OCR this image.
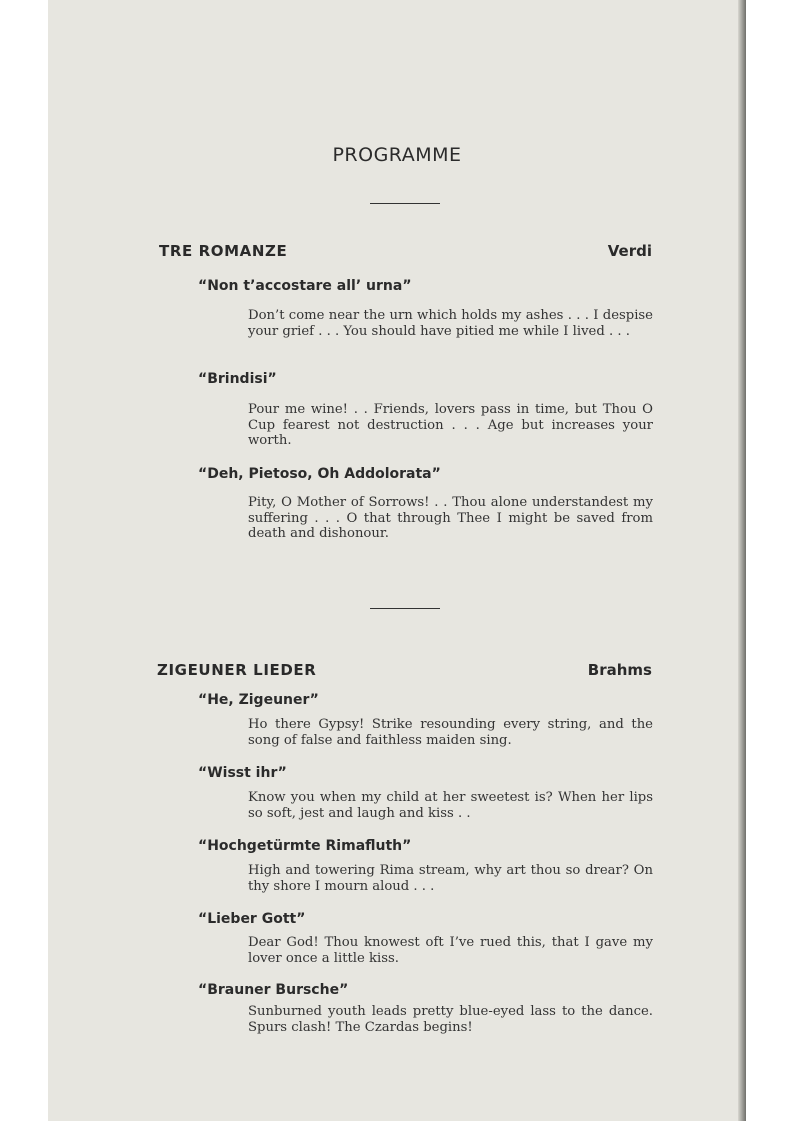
PROGRAMME
TRE ROMANZE	Verdi
“Non t’accostare all’ urna”
Don’t come near the urn which holds my ashes . . . I despise your grief . . . You should have pitied me while I lived . . .
“Brindisi”
Pour me wine! . . Friends, lovers pass in time, but Thou O Cup fearest not destruction . . . Age but increases your worth.
“Deh, Pietoso, Oh Addolorata”
Pity, O Mother of Sorrows! . . Thou alone understandest my suffering . . . O that through Thee I might be saved from death and dishonour.
ZIGEUNER LIEDER	Brahms
“He, Zigeuner”
Ho there Gypsy! Strike resounding every string, and the song of false and faithless maiden sing.
“Wisst ihr”
Know you when my child at her sweetest is? When her lips so soft, jest and laugh and kiss . .
“Hochgetürmte Rimafluth”
High and towering Rima stream, why art thou so drear? On thy shore I mourn aloud . . .
“Lieber Gott”
Dear God! Thou knowest oft I’ve rued this, that I gave my lover once a little kiss.
“Brauner Bursche”
Sunburned youth leads pretty blue-eyed lass to the dance. Spurs clash! The Czardas begins!
